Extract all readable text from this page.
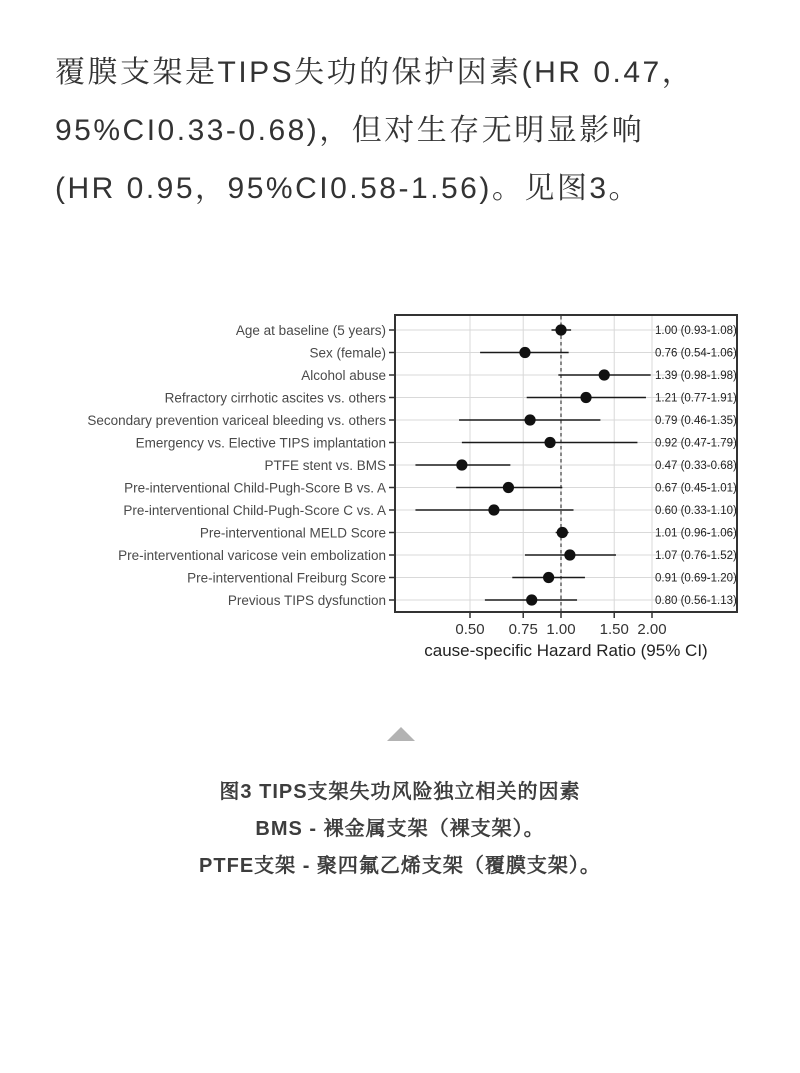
覆膜支架是TIPS失功的保护因素(HR 0.47，
95%CI0.33-0.68)，但对生存无明显影响
(HR 0.95，95%CI0.58-1.56)。见图3。
Age at baseline (5 years)	1.00 (0.93-1.08)
Sex (female)	0.76 (0.54-1.06)
Alcohol abuse	1.39 (0.98-1.98)
Refractory cirrhotic ascites vs. others	1.21 (0.77-1.91)
Secondary prevention variceal bleeding vs. others	0.79 (0.46-1.35)
Emergency vs. Elective TIPS implantation	0.92 (0.47-1.79)
PTFE stent vs. BMS	0.47 (0.33-0.68)
Pre-interventional Child-Pugh-Score B vs. A	0.67 (0.45-1.01)
Pre-interventional Child-Pugh-Score C vs. A	0.60 (0.33-1.10)
Pre-interventional MELD Score	1.01 (0.96-1.06)
Pre-interventional varicose vein embolization	1.07 (0.76-1.52)
Pre-interventional Freiburg Score	0.91 (0.69-1.20)
Previous TIPS dysfunction	0.80 (0.56-1.13)
0.50 0.75 1.00 1.50 2.00
cause-specific Hazard Ratio (95% CI)
图3 TIPS支架失功风险独立相关的因素
BMS - 裸金属支架（裸支架）。
PTFE支架 - 聚四氟乙烯支架（覆膜支架）。
